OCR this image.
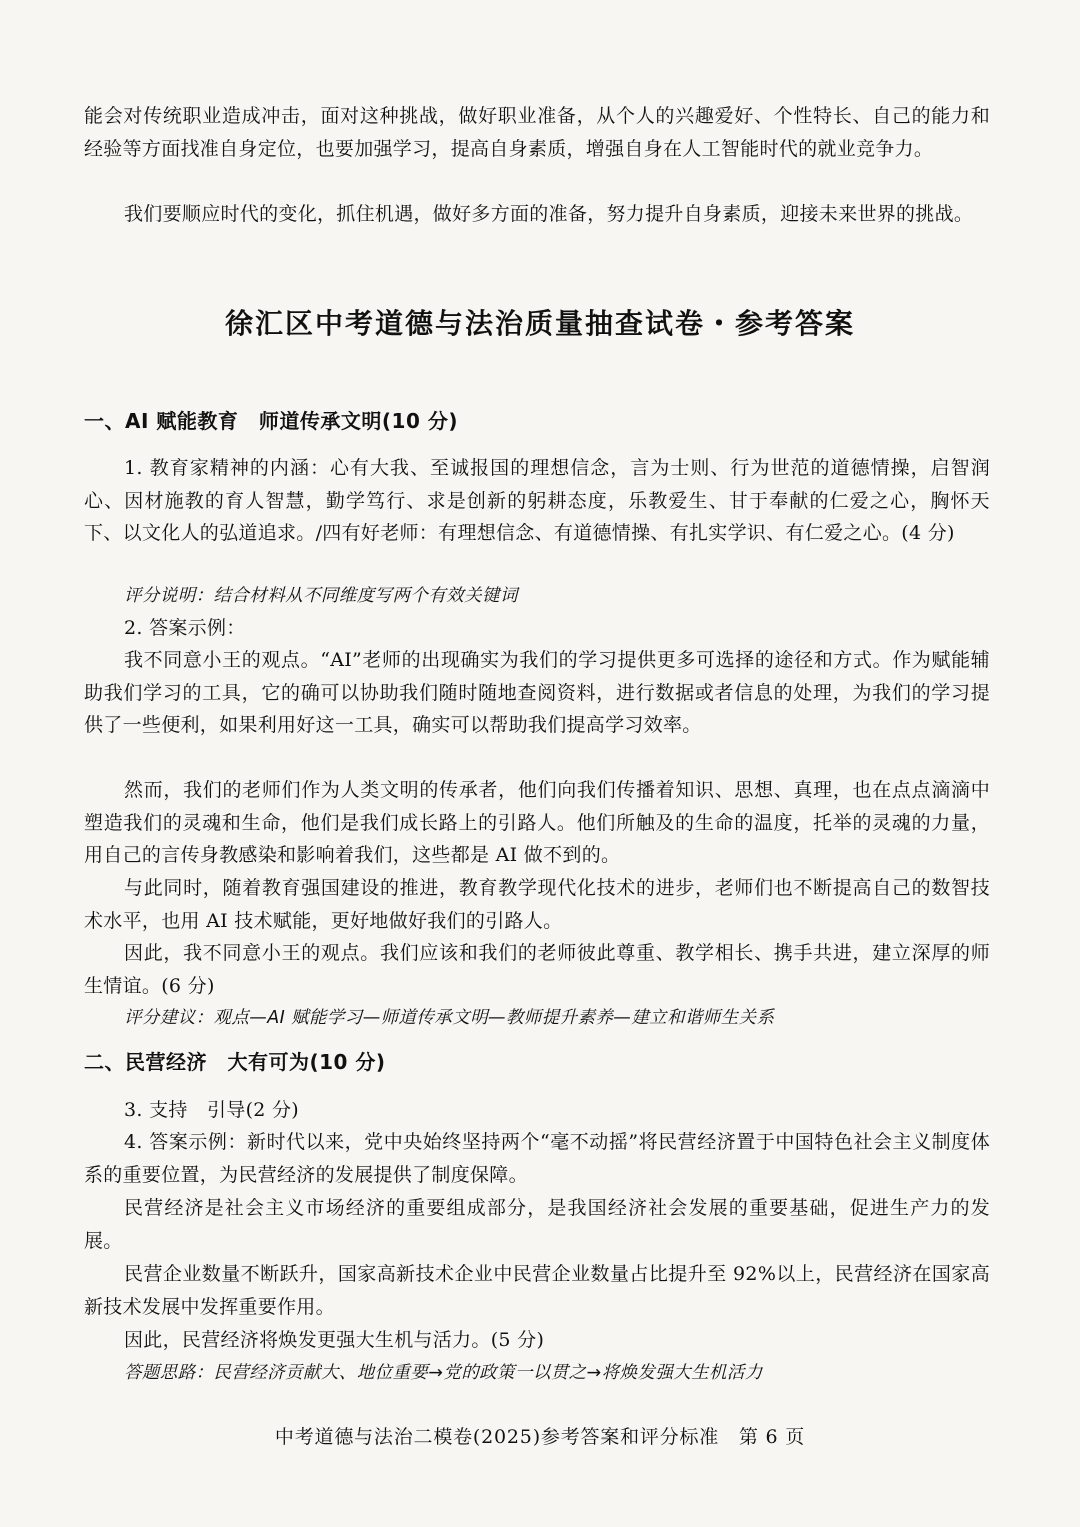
能会对传统职业造成冲击，面对这种挑战，做好职业准备，从个人的兴趣爱好、个性特长、自己的能力和经验等方面找准自身定位，也要加强学习，提高自身素质，增强自身在人工智能时代的就业竞争力。

我们要顺应时代的变化，抓住机遇，做好多方面的准备，努力提升自身素质，迎接未来世界的挑战。

徐汇区中考道德与法治质量抽查试卷・参考答案
一、AI 赋能教育　师道传承文明(10 分)

1. 教育家精神的内涵：心有大我、至诚报国的理想信念，言为士则、行为世范的道德情操，启智润心、因材施教的育人智慧，勤学笃行、求是创新的躬耕态度，乐教爱生、甘于奉献的仁爱之心，胸怀天下、以文化人的弘道追求。/四有好老师：有理想信念、有道德情操、有扎实学识、有仁爱之心。(4 分)

评分说明：结合材料从不同维度写两个有效关键词
2. 答案示例：

我不同意小王的观点。“AI”老师的出现确实为我们的学习提供更多可选择的途径和方式。作为赋能辅助我们学习的工具，它的确可以协助我们随时随地查阅资料，进行数据或者信息的处理，为我们的学习提供了一些便利，如果利用好这一工具，确实可以帮助我们提高学习效率。

然而，我们的老师们作为人类文明的传承者，他们向我们传播着知识、思想、真理，也在点点滴滴中塑造我们的灵魂和生命，他们是我们成长路上的引路人。他们所触及的生命的温度，托举的灵魂的力量，用自己的言传身教感染和影响着我们，这些都是 AI 做不到的。

与此同时，随着教育强国建设的推进，教育教学现代化技术的进步，老师们也不断提高自己的数智技术水平，也用 AI 技术赋能，更好地做好我们的引路人。

因此，我不同意小王的观点。我们应该和我们的老师彼此尊重、教学相长、携手共进，建立深厚的师生情谊。(6 分)

评分建议：观点—AI 赋能学习—师道传承文明—教师提升素养—建立和谐师生关系
二、民营经济　大有可为(10 分)
3. 支持　引导(2 分)

4. 答案示例：新时代以来，党中央始终坚持两个“毫不动摇”将民营经济置于中国特色社会主义制度体系的重要位置，为民营经济的发展提供了制度保障。

民营经济是社会主义市场经济的重要组成部分，是我国经济社会发展的重要基础，促进生产力的发展。

民营企业数量不断跃升，国家高新技术企业中民营企业数量占比提升至 92%以上，民营经济在国家高新技术发展中发挥重要作用。

因此，民营经济将焕发更强大生机与活力。(5 分)
答题思路：民营经济贡献大、地位重要→党的政策一以贯之→将焕发强大生机活力
中考道德与法治二模卷(2025)参考答案和评分标准　第 6 页
